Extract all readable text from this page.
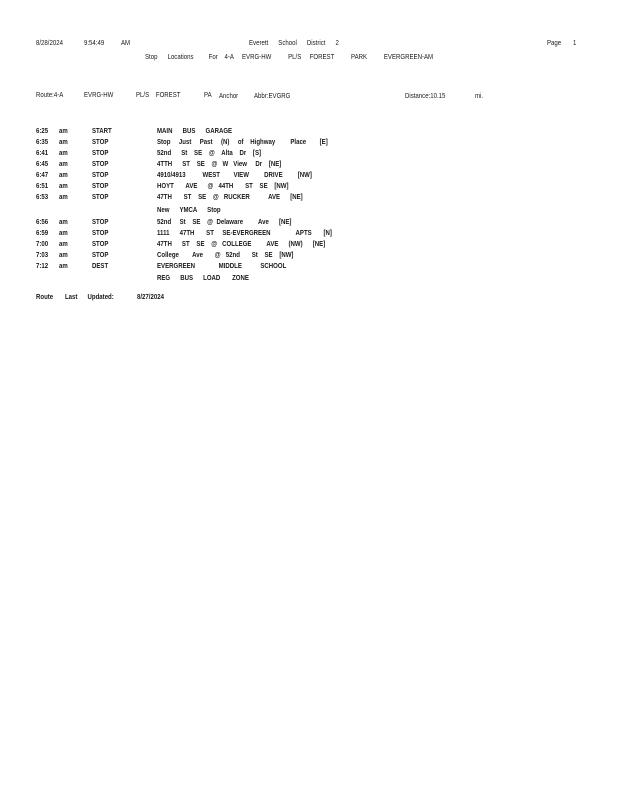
8/28/2024	9:54:49 AM	Everett      School      District      2	Page 1
Stop      Locations         For    4-A     EVRG-HW          PL/S     FOREST          PARK          EVERGREEN-AM
Route:4-A	EVRG-HW	PL/S    FOREST	PA Anchor Abbr:EVGRG	Distance:10.15	mi.
6:25 am	START	MAIN      BUS      GARAGE
6:35 am	STOP	Stop     Just     Past     (N)     of    Highway         Place        [E]
6:41 am	STOP	52nd      St    SE    @    Alta    Dr    [S]
6:45 am	STOP	4TTH      ST    SE    @   W   View     Dr    [NE]
6:47 am	STOP	4910/4913          WEST        VIEW         DRIVE         [NW]
6:51 am	STOP	HOYT       AVE      @   44TH       ST    SE    [NW]
6:53 am	STOP	47TH       ST    SE    @   RUCKER           AVE      [NE]
New      YMCA      Stop
6:56 am	STOP	52nd     St    SE    @  Delaware         Ave      [NE]
6:59 am	STOP	1111      47TH       ST     SE-EVERGREEN               APTS       [N]
7:00 am	STOP	47TH      ST    SE    @   COLLEGE         AVE      (NW)      [NE]
7:03 am	STOP	College        Ave       @   52nd       St    SE    [NW]
7:12 am	DEST	EVERGREEN              MIDDLE           SCHOOL
REG      BUS      LOAD       ZONE
Route       Last      Updated:	8/27/2024
